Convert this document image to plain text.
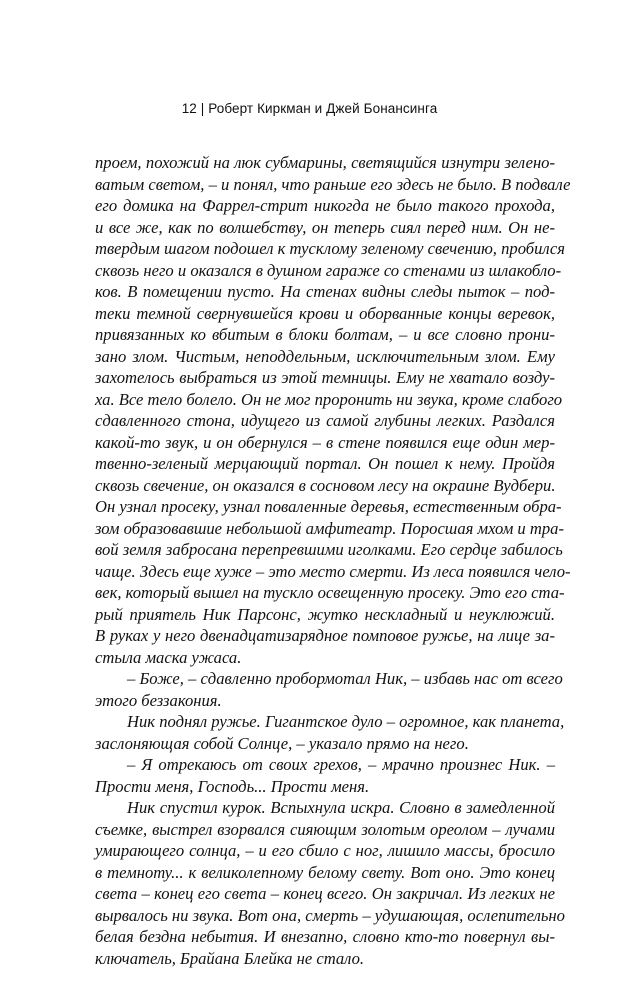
12 | Роберт Киркман и Джей Бонансинга
проем, похожий на люк субмарины, светящийся изнутри зелено-
ватым светом, – и понял, что раньше его здесь не было. В подвале
его домика на Фаррел-стрит никогда не было такого прохода,
и все же, как по волшебству, он теперь сиял перед ним. Он не-
твердым шагом подошел к тусклому зеленому свечению, пробился
сквозь него и оказался в душном гараже со стенами из шлакобло-
ков. В помещении пусто. На стенах видны следы пыток – под-
теки темной свернувшейся крови и оборванные концы веревок,
привязанных ко вбитым в блоки болтам, – и все словно прони-
зано злом. Чистым, неподдельным, исключительным злом. Ему
захотелось выбраться из этой темницы. Ему не хватало возду-
ха. Все тело болело. Он не мог проронить ни звука, кроме слабого
сдавленного стона, идущего из самой глубины легких. Раздался
какой-то звук, и он обернулся – в стене появился еще один мер-
твенно-зеленый мерцающий портал. Он пошел к нему. Пройдя
сквозь свечение, он оказался в сосновом лесу на окраине Вудбери.
Он узнал просеку, узнал поваленные деревья, естественным обра-
зом образовавшие небольшой амфитеатр. Поросшая мхом и тра-
вой земля забросана перепревшими иголками. Его сердце забилось
чаще. Здесь еще хуже – это место смерти. Из леса появился чело-
век, который вышел на тускло освещенную просеку. Это его ста-
рый приятель Ник Парсонс, жутко нескладный и неуклюжий.
В руках у него двенадцатизарядное помповое ружье, на лице за-
стыла маска ужаса.
– Боже, – сдавленно пробормотал Ник, – избавь нас от всего
этого беззакония.
Ник поднял ружье. Гигантское дуло – огромное, как планета,
заслоняющая собой Солнце, – указало прямо на него.
– Я отрекаюсь от своих грехов, – мрачно произнес Ник. –
Прости меня, Господь... Прости меня.
Ник спустил курок. Вспыхнула искра. Словно в замедленной
съемке, выстрел взорвался сияющим золотым ореолом – лучами
умирающего солнца, – и его сбило с ног, лишило массы, бросило
в темноту... к великолепному белому свету. Вот оно. Это конец
света – конец его света – конец всего. Он закричал. Из легких не
вырвалось ни звука. Вот она, смерть – удушающая, ослепительно
белая бездна небытия. И внезапно, словно кто-то повернул вы-
ключатель, Брайана Блейка не стало.
